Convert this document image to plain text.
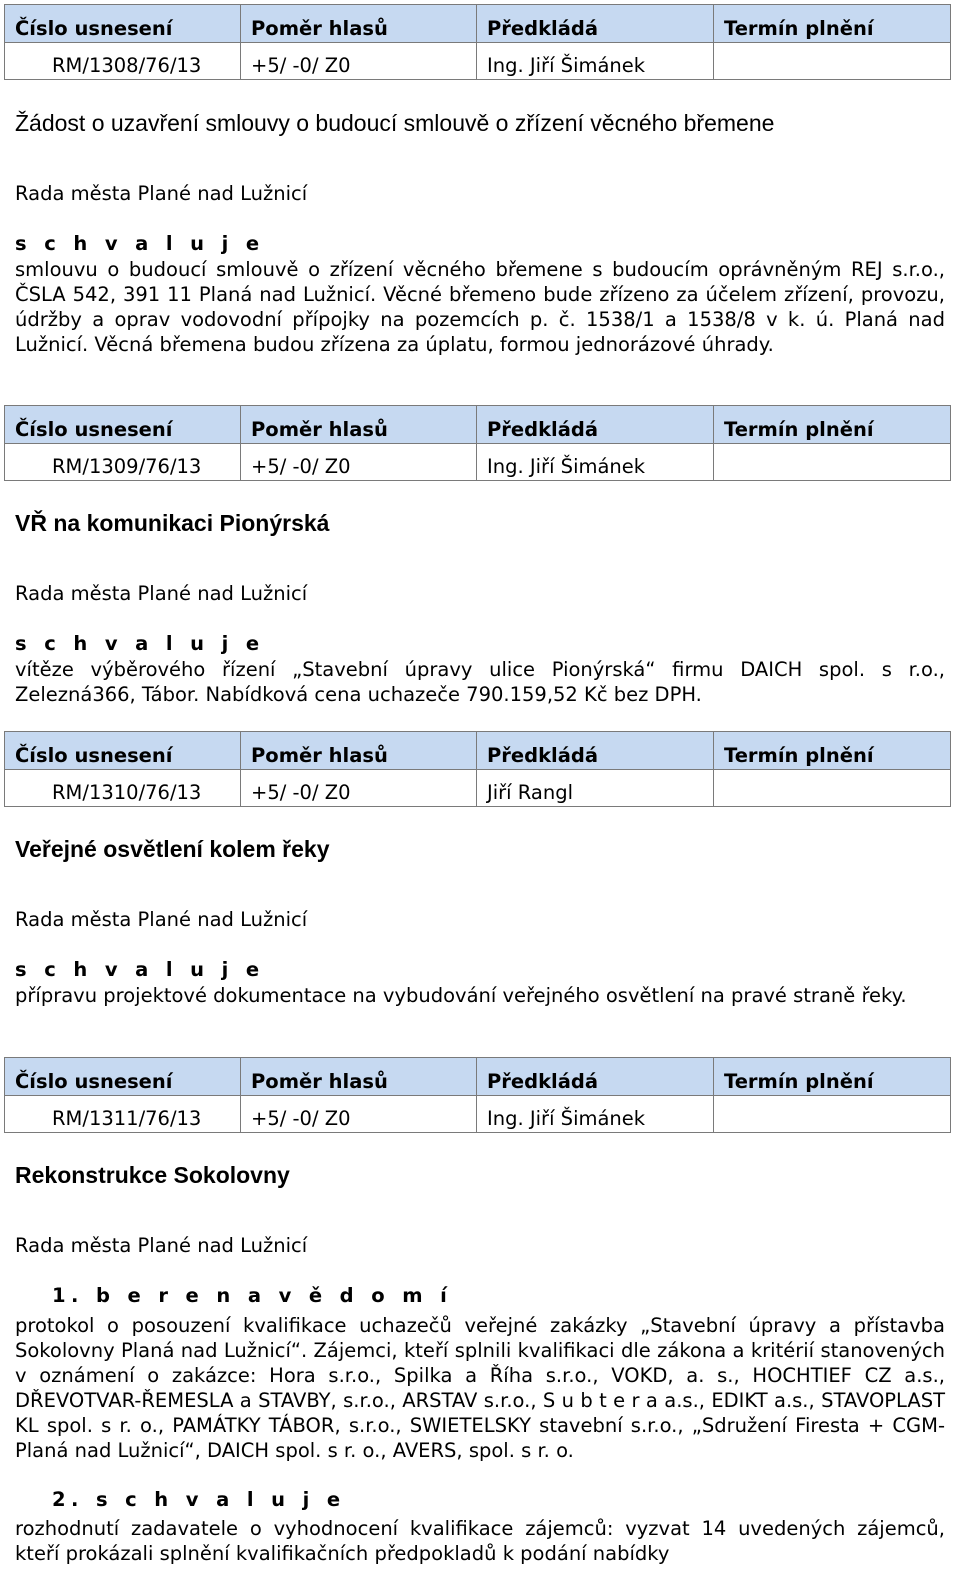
Číslo usnesení	Poměr hlasů	Předkládá	Termín plnění
RM/1308/76/13	+5/ -0/ Z0	Ing. Jiří Šimánek	
Žádost o uzavření smlouvy o budoucí smlouvě o zřízení věcného břemene
Rada města Plané nad Lužnicí
s c h v a l u j e
smlouvu o budoucí smlouvě o zřízení věcného břemene s budoucím oprávněným REJ s.r.o., ČSLA 542, 391 11 Planá nad Lužnicí. Věcné břemeno bude zřízeno za účelem zřízení, provozu, údržby a oprav vodovodní přípojky na pozemcích p. č. 1538/1 a 1538/8 v k. ú. Planá nad Lužnicí. Věcná břemena budou zřízena za úplatu, formou jednorázové úhrady.
Číslo usnesení	Poměr hlasů	Předkládá	Termín plnění
RM/1309/76/13	+5/ -0/ Z0	Ing. Jiří Šimánek	
VŘ na komunikaci Pionýrská
Rada města Plané nad Lužnicí
s c h v a l u j e
vítěze výběrového řízení „Stavební úpravy ulice Pionýrská“ firmu DAICH spol. s r.o., Zelezná366, Tábor. Nabídková cena uchazeče 790.159,52 Kč bez DPH.
Číslo usnesení	Poměr hlasů	Předkládá	Termín plnění
RM/1310/76/13	+5/ -0/ Z0	Jiří Rangl	
Veřejné osvětlení kolem řeky
Rada města Plané nad Lužnicí
s c h v a l u j e
přípravu projektové dokumentace na vybudování veřejného osvětlení na pravé straně řeky.
Číslo usnesení	Poměr hlasů	Předkládá	Termín plnění
RM/1311/76/13	+5/ -0/ Z0	Ing. Jiří Šimánek	
Rekonstrukce Sokolovny
Rada města Plané nad Lužnicí
1. b e r e n a v ě d o m í
protokol o posouzení kvalifikace uchazečů veřejné zakázky „Stavební úpravy a přístavba Sokolovny Planá nad Lužnicí“. Zájemci, kteří splnili kvalifikaci dle zákona a kritérií stanovených v oznámení o zakázce: Hora s.r.o., Spilka a Říha s.r.o., VOKD, a. s., HOCHTIEF CZ a.s., DŘEVOTVAR-ŘEMESLA a STAVBY, s.r.o., ARSTAV s.r.o., S u b t e r a a.s., EDIKT a.s., STAVOPLAST KL spol. s r. o., PAMÁTKY TÁBOR, s.r.o., SWIETELSKY stavební s.r.o., „Sdružení Firesta + CGM-Planá nad Lužnicí“, DAICH spol. s r. o., AVERS, spol. s r. o.
2. s c h v a l u j e
rozhodnutí zadavatele o vyhodnocení kvalifikace zájemců: vyzvat 14 uvedených zájemců, kteří prokázali splnění kvalifikačních předpokladů k podání nabídky
